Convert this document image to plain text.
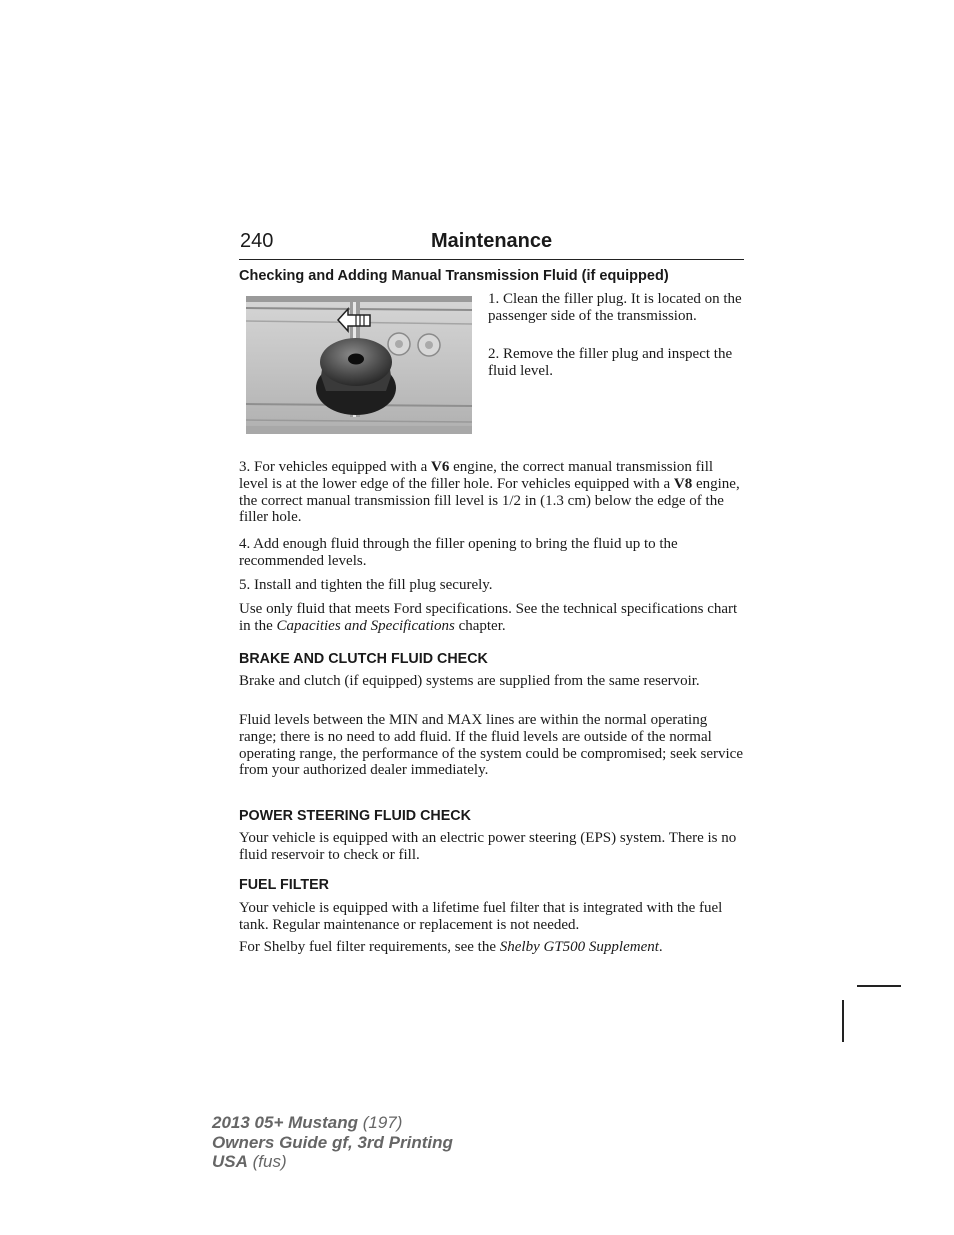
240	Maintenance
Checking and Adding Manual Transmission Fluid (if equipped)

1. Clean the filler plug. It is located on the passenger side of the transmission.

2. Remove the filler plug and inspect the fluid level.

3. For vehicles equipped with a V6 engine, the correct manual transmission fill level is at the lower edge of the filler hole. For vehicles equipped with a V8 engine, the correct manual transmission fill level is 1/2 in (1.3 cm) below the edge of the filler hole.

4. Add enough fluid through the filler opening to bring the fluid up to the recommended levels.

5. Install and tighten the fill plug securely.

Use only fluid that meets Ford specifications. See the technical specifications chart in the Capacities and Specifications chapter.

BRAKE AND CLUTCH FLUID CHECK

Brake and clutch (if equipped) systems are supplied from the same reservoir.

Fluid levels between the MIN and MAX lines are within the normal operating range; there is no need to add fluid. If the fluid levels are outside of the normal operating range, the performance of the system could be compromised; seek service from your authorized dealer immediately.

POWER STEERING FLUID CHECK

Your vehicle is equipped with an electric power steering (EPS) system. There is no fluid reservoir to check or fill.

FUEL FILTER

Your vehicle is equipped with a lifetime fuel filter that is integrated with the fuel tank. Regular maintenance or replacement is not needed.

For Shelby fuel filter requirements, see the Shelby GT500 Supplement.

2013 05+ Mustang (197)
Owners Guide gf, 3rd Printing
USA (fus)
